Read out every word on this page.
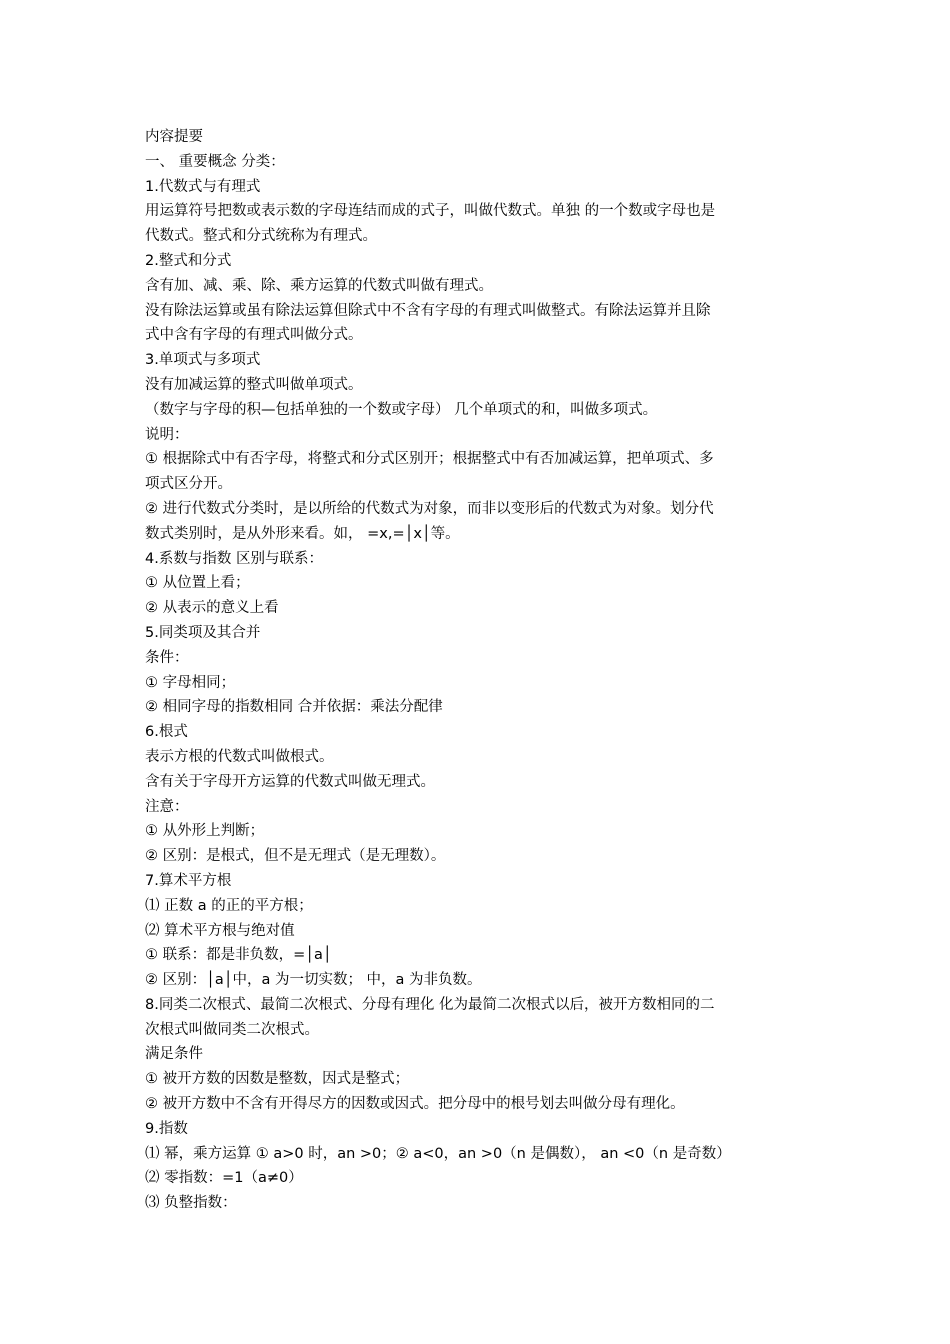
内容提要
一、 重要概念 分类：
1.代数式与有理式
用运算符号把数或表示数的字母连结而成的式子，叫做代数式。单独 的一个数或字母也是
代数式。整式和分式统称为有理式。
2.整式和分式
含有加、减、乘、除、乘方运算的代数式叫做有理式。
没有除法运算或虽有除法运算但除式中不含有字母的有理式叫做整式。有除法运算并且除
式中含有字母的有理式叫做分式。
3.单项式与多项式
没有加减运算的整式叫做单项式。
（数字与字母的积—包括单独的一个数或字母） 几个单项式的和，叫做多项式。
说明：
① 根据除式中有否字母，将整式和分式区别开；根据整式中有否加减运算，把单项式、多
项式区分开。
② 进行代数式分类时，是以所给的代数式为对象，而非以变形后的代数式为对象。划分代
数式类别时，是从外形来看。如， =x,=│x│等。
4.系数与指数 区别与联系：
① 从位置上看；
② 从表示的意义上看
5.同类项及其合并
条件：
① 字母相同；
② 相同字母的指数相同 合并依据：乘法分配律
6.根式
表示方根的代数式叫做根式。
含有关于字母开方运算的代数式叫做无理式。
注意：
① 从外形上判断；
② 区别：是根式，但不是无理式（是无理数）。
7.算术平方根
⑴ 正数 a 的正的平方根；
⑵ 算术平方根与绝对值
① 联系：都是非负数，=│a│
② 区别：│a│中，a 为一切实数； 中，a 为非负数。
8.同类二次根式、最简二次根式、分母有理化 化为最简二次根式以后，被开方数相同的二
次根式叫做同类二次根式。
满足条件
① 被开方数的因数是整数，因式是整式；
② 被开方数中不含有开得尽方的因数或因式。把分母中的根号划去叫做分母有理化。
9.指数
⑴ 幂，乘方运算 ① a>0 时，an >0；② a<0，an >0（n 是偶数）， an <0（n 是奇数）
⑵ 零指数：=1（a≠0）
⑶ 负整指数：
